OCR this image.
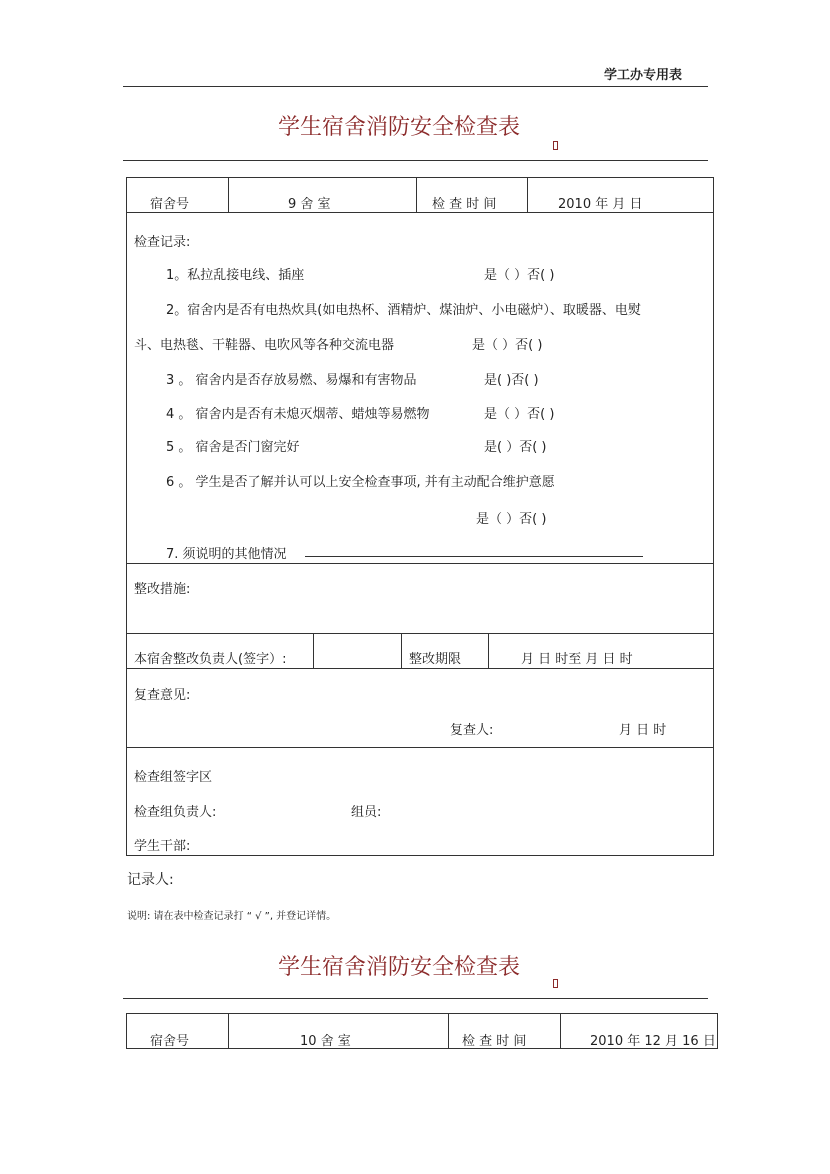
学工办专用表
学生宿舍消防安全检查表
宿舍号	9 舍 室	检 查 时 间	2010 年 月 日
检查记录:
1。私拉乱接电线、插座	是（ ）否( )
2。宿舍内是否有电热炊具(如电热杯、酒精炉、煤油炉、小电磁炉）、取暖器、电熨
斗、电热毯、干鞋器、电吹风等各种交流电器	是（ ）否( )
3 。 宿舍内是否存放易燃、易爆和有害物品	是( )否( )
4 。 宿舍内是否有未熄灭烟蒂、蜡烛等易燃物	是（ ）否( )
5 。 宿舍是否门窗完好	是( ）否( )
6 。 学生是否了解并认可以上安全检查事项, 并有主动配合维护意愿
是（ ）否( )
7. 须说明的其他情况
整改措施:
本宿舍整改负责人(签字）:	整改期限	月 日 时至 月 日 时
复查意见:
复查人:	月 日 时
检查组签字区
检查组负责人:	组员:
学生干部:
记录人:
说明: 请在表中检查记录打 “ √ ”, 并登记详情。
学生宿舍消防安全检查表
宿舍号	10 舍 室	检 查 时 间	2010 年 12 月 16 日
